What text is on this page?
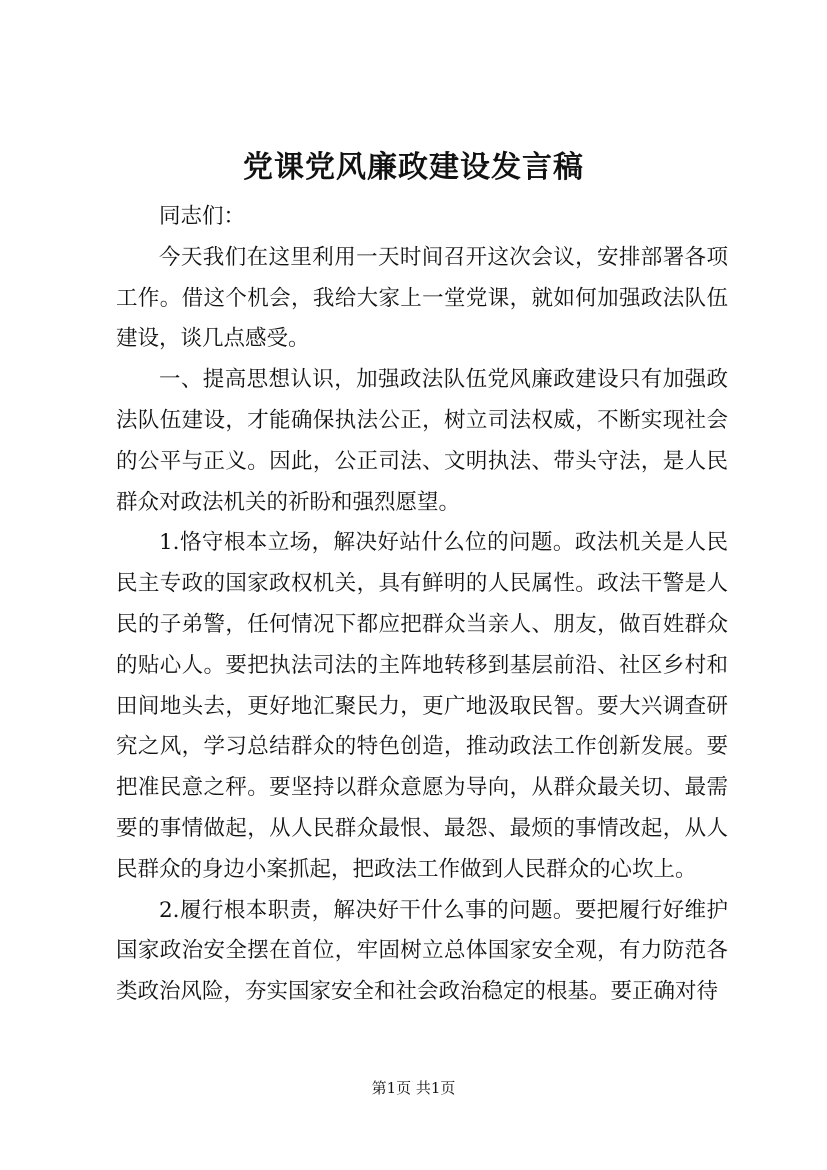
党课党风廉政建设发言稿

同志们：

今天我们在这里利用一天时间召开这次会议，安排部署各项工作。借这个机会，我给大家上一堂党课，就如何加强政法队伍建设，谈几点感受。

一、提高思想认识，加强政法队伍党风廉政建设只有加强政法队伍建设，才能确保执法公正，树立司法权威，不断实现社会的公平与正义。因此，公正司法、文明执法、带头守法，是人民群众对政法机关的祈盼和强烈愿望。

1.恪守根本立场，解决好站什么位的问题。政法机关是人民民主专政的国家政权机关，具有鲜明的人民属性。政法干警是人民的子弟警，任何情况下都应把群众当亲人、朋友，做百姓群众的贴心人。要把执法司法的主阵地转移到基层前沿、社区乡村和田间地头去，更好地汇聚民力，更广地汲取民智。要大兴调查研究之风，学习总结群众的特色创造，推动政法工作创新发展。要把准民意之秤。要坚持以群众意愿为导向，从群众最关切、最需要的事情做起，从人民群众最恨、最怨、最烦的事情改起，从人民群众的身边小案抓起，把政法工作做到人民群众的心坎上。

2.履行根本职责，解决好干什么事的问题。要把履行好维护国家政治安全摆在首位，牢固树立总体国家安全观，有力防范各类政治风险，夯实国家安全和社会政治稳定的根基。要正确对待

第1页 共1页
